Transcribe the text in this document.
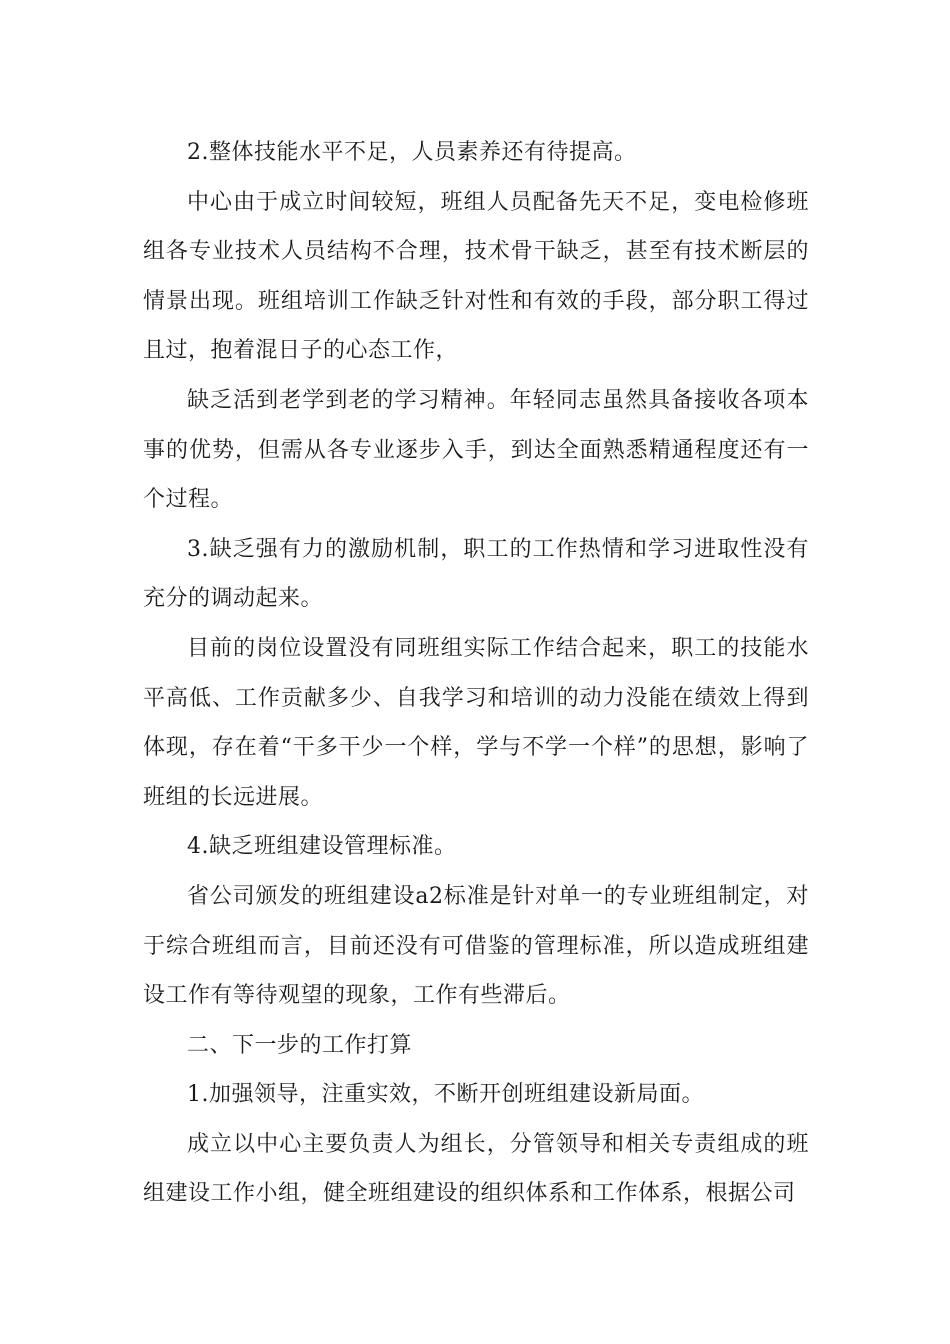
2.整体技能水平不足，人员素养还有待提高。

中心由于成立时间较短，班组人员配备先天不足，变电检修班组各专业技术人员结构不合理，技术骨干缺乏，甚至有技术断层的情景出现。班组培训工作缺乏针对性和有效的手段，部分职工得过且过，抱着混日子的心态工作，

缺乏活到老学到老的学习精神。年轻同志虽然具备接收各项本事的优势，但需从各专业逐步入手，到达全面熟悉精通程度还有一个过程。

3.缺乏强有力的激励机制，职工的工作热情和学习进取性没有充分的调动起来。

目前的岗位设置没有同班组实际工作结合起来，职工的技能水平高低、工作贡献多少、自我学习和培训的动力没能在绩效上得到体现，存在着“干多干少一个样，学与不学一个样”的思想，影响了班组的长远进展。

4.缺乏班组建设管理标准。

省公司颁发的班组建设a2标准是针对单一的专业班组制定，对于综合班组而言，目前还没有可借鉴的管理标准，所以造成班组建设工作有等待观望的现象，工作有些滞后。

二、下一步的工作打算

1.加强领导，注重实效，不断开创班组建设新局面。

成立以中心主要负责人为组长，分管领导和相关专责组成的班组建设工作小组，健全班组建设的组织体系和工作体系，根据公司
